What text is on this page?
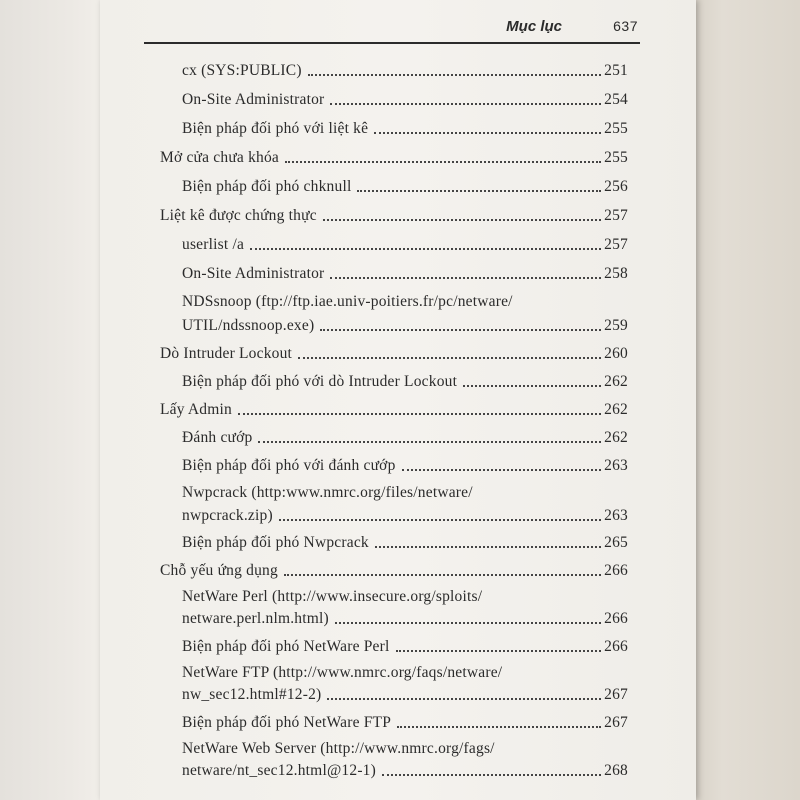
Mục lục	637
cx (SYS:PUBLIC)	251
On-Site Administrator	254
Biện pháp đối phó với liệt kê	255
Mở cửa chưa khóa	255
Biện pháp đối phó chknull	256
Liệt kê được chứng thực	257
userlist /a	257
On-Site Administrator	258
NDSsnoop (ftp://ftp.iae.univ-poitiers.fr/pc/netware/
UTIL/ndssnoop.exe)	259
Dò Intruder Lockout	260
Biện pháp đối phó với dò Intruder Lockout	262
Lấy Admin	262
Đánh cướp	262
Biện pháp đối phó với đánh cướp	263
Nwpcrack (http:www.nmrc.org/files/netware/
nwpcrack.zip)	263
Biện pháp đối phó Nwpcrack	265
Chỗ yếu ứng dụng	266
NetWare Perl (http://www.insecure.org/sploits/
netware.perl.nlm.html)	266
Biện pháp đối phó NetWare Perl	266
NetWare FTP (http://www.nmrc.org/faqs/netware/
nw_sec12.html#12-2)	267
Biện pháp đối phó NetWare FTP	267
NetWare Web Server (http://www.nmrc.org/fags/
netware/nt_sec12.html@12-1)	268
